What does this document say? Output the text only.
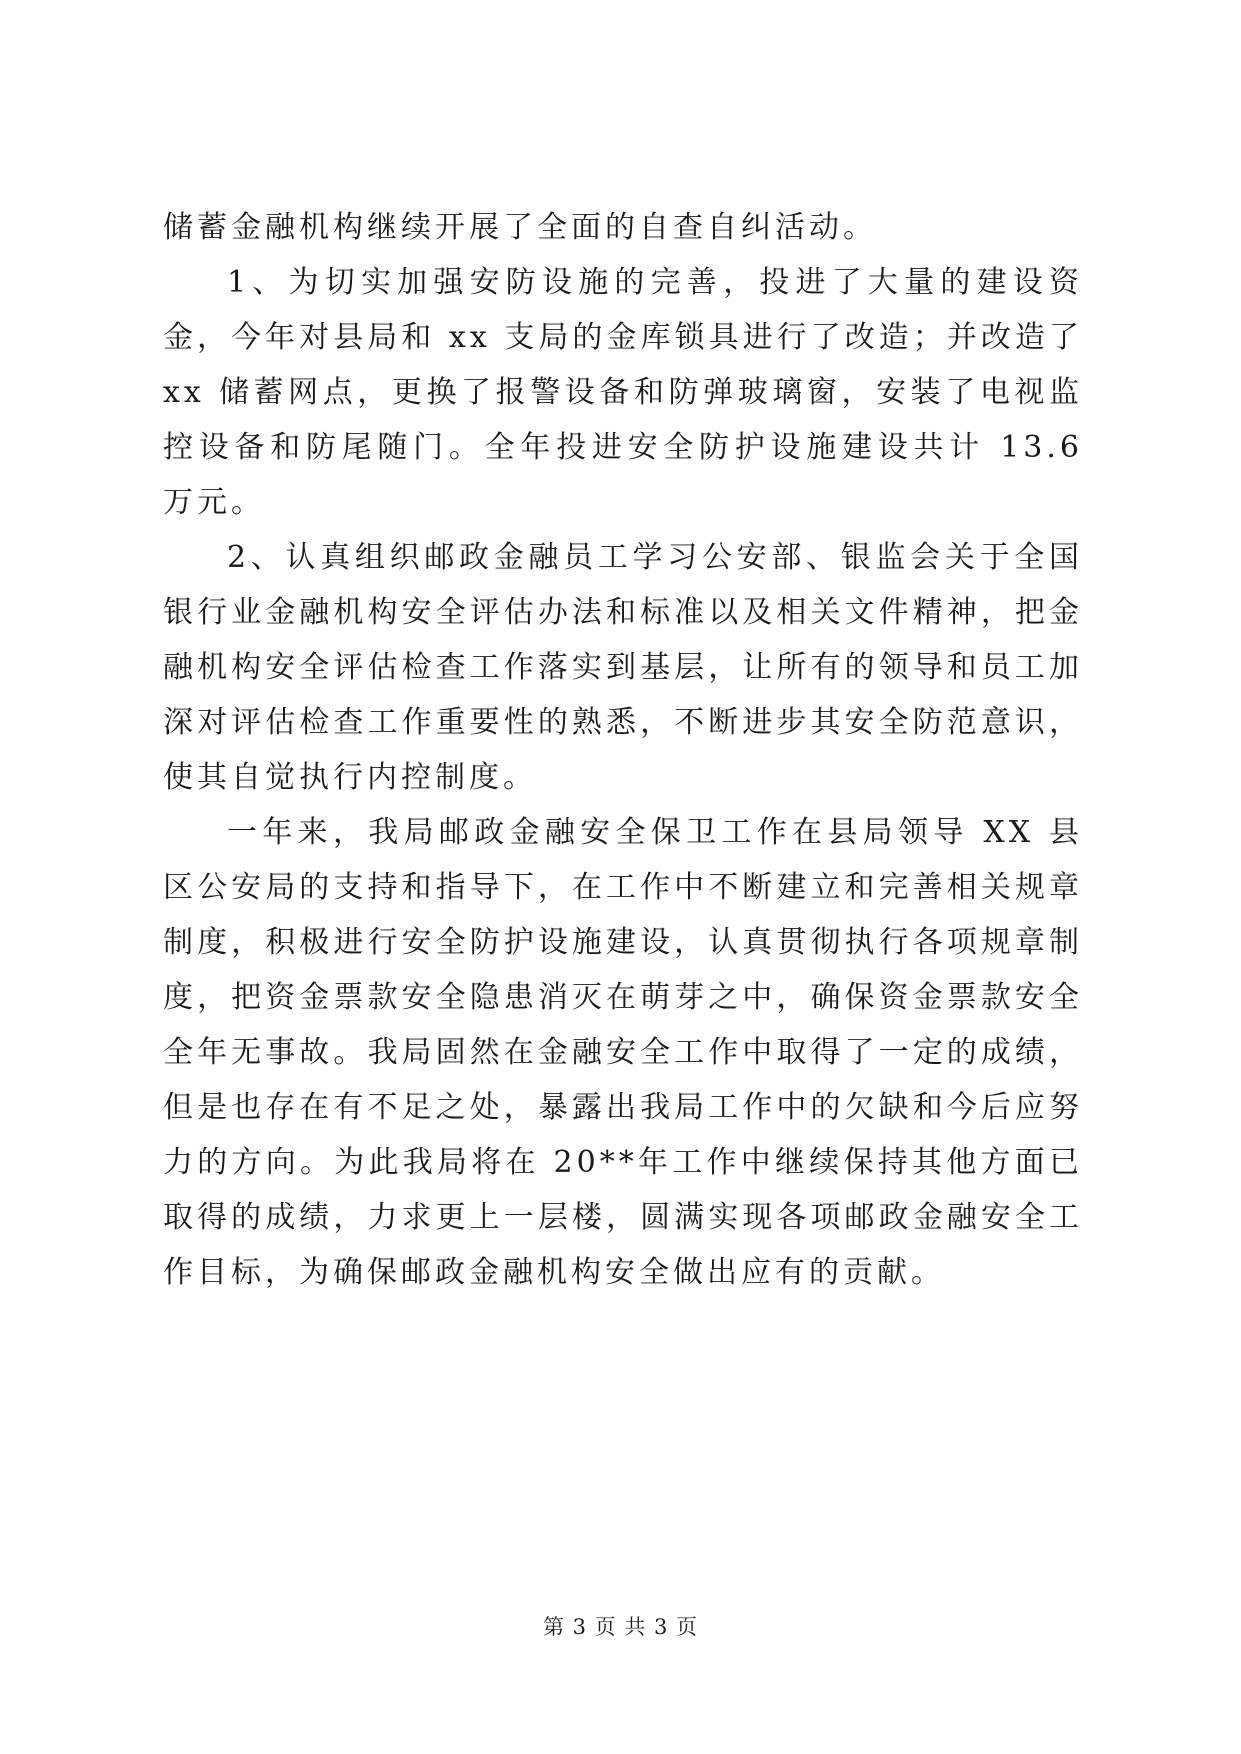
储蓄金融机构继续开展了全面的自查自纠活动。

1、为切实加强安防设施的完善，投进了大量的建设资金，今年对县局和 xx 支局的金库锁具进行了改造；并改造了 xx 储蓄网点，更换了报警设备和防弹玻璃窗，安装了电视监控设备和防尾随门。全年投进安全防护设施建设共计 13.6 万元。

2、认真组织邮政金融员工学习公安部、银监会关于全国银行业金融机构安全评估办法和标准以及相关文件精神，把金融机构安全评估检查工作落实到基层，让所有的领导和员工加深对评估检查工作重要性的熟悉，不断进步其安全防范意识，使其自觉执行内控制度。

一年来，我局邮政金融安全保卫工作在县局领导 XX 县区公安局的支持和指导下，在工作中不断建立和完善相关规章制度，积极进行安全防护设施建设，认真贯彻执行各项规章制度，把资金票款安全隐患消灭在萌芽之中，确保资金票款安全全年无事故。我局固然在金融安全工作中取得了一定的成绩，但是也存在有不足之处，暴露出我局工作中的欠缺和今后应努力的方向。为此我局将在 20**年工作中继续保持其他方面已取得的成绩，力求更上一层楼，圆满实现各项邮政金融安全工作目标，为确保邮政金融机构安全做出应有的贡献。

第 3 页 共 3 页
